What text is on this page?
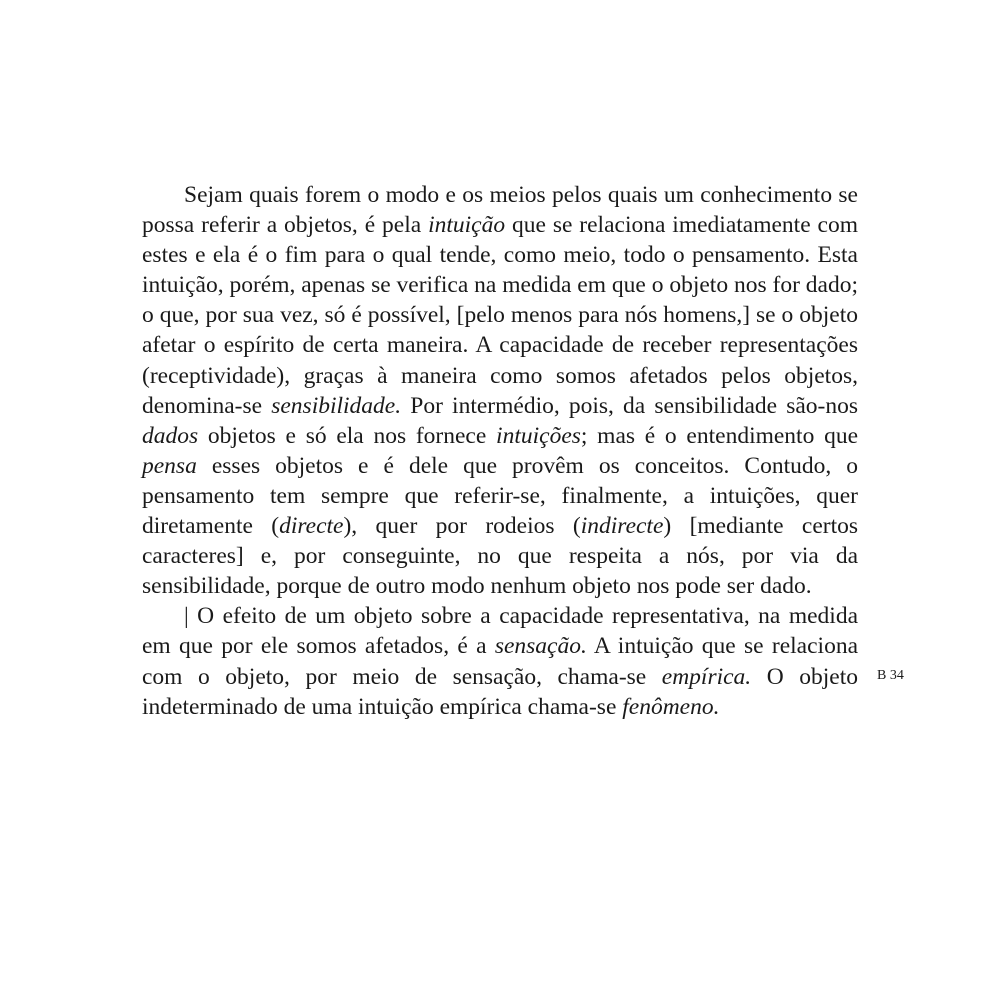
Sejam quais forem o modo e os meios pelos quais um conhecimento se possa referir a objetos, é pela intuição que se relaciona imediatamente com estes e ela é o fim para o qual tende, como meio, todo o pensamento. Esta intuição, porém, apenas se verifica na medida em que o objeto nos for dado; o que, por sua vez, só é possível, [pelo menos para nós homens,] se o objeto afetar o espírito de certa maneira. A capacidade de receber representações (receptividade), graças à maneira como somos afetados pelos objetos, denomina-se sensibilidade. Por intermédio, pois, da sensibilidade são-nos dados objetos e só ela nos fornece intuições; mas é o entendimento que pensa esses objetos e é dele que provêm os conceitos. Contudo, o pensamento tem sempre que referir-se, finalmente, a intuições, quer diretamente (directe), quer por rodeios (indirecte) [mediante certos caracteres] e, por conseguinte, no que respeita a nós, por via da sensibilidade, porque de outro modo nenhum objeto nos pode ser dado.

| O efeito de um objeto sobre a capacidade representativa, na medida em que por ele somos afetados, é a sensação. A intuição que se relaciona com o objeto, por meio de sensação, chama-se empírica. O objeto indeterminado de uma intuição empírica chama-se fenômeno.

B 34
